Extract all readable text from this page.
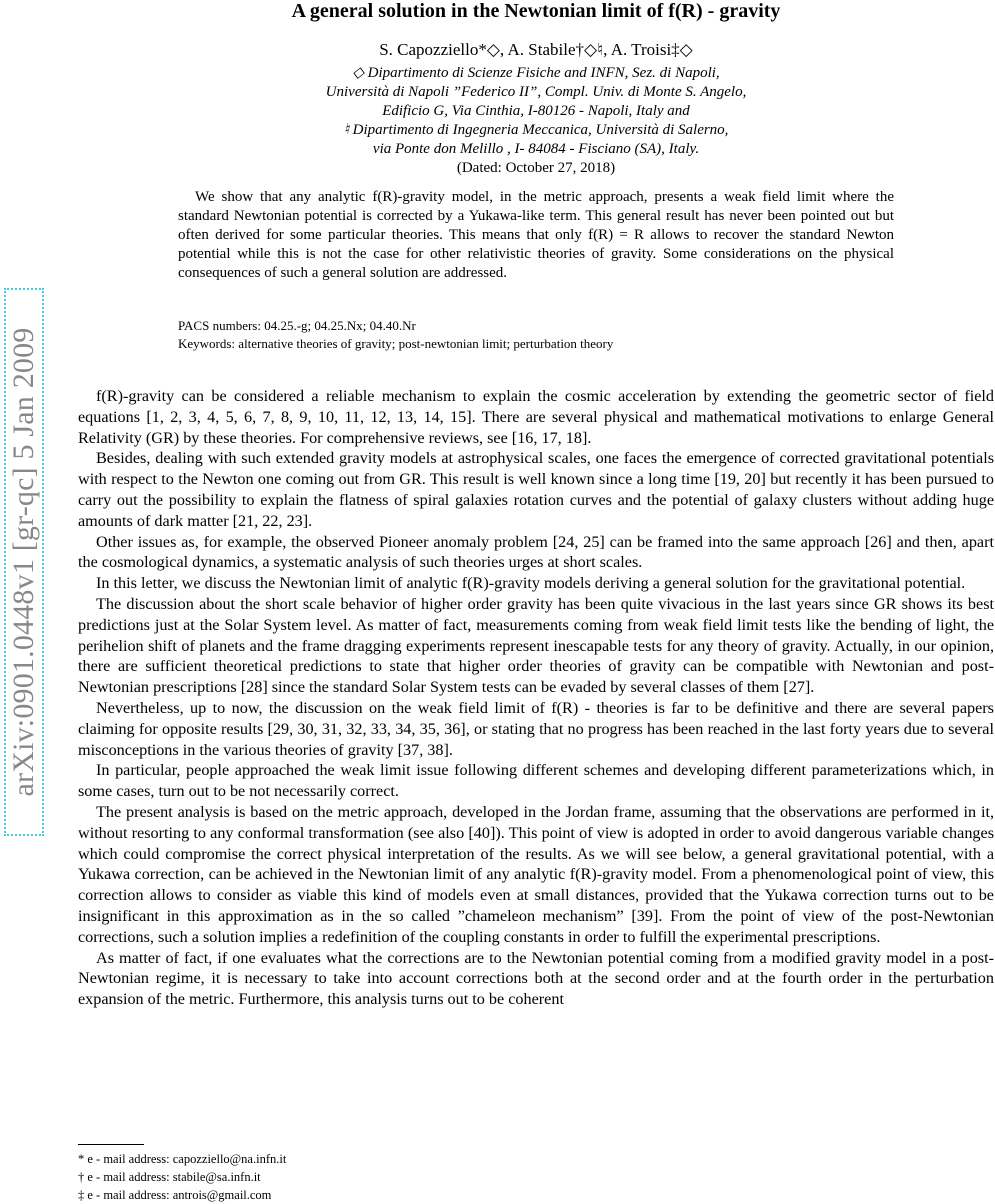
arXiv:0901.0448v1 [gr-qc] 5 Jan 2009
A general solution in the Newtonian limit of f(R) - gravity
S. Capozziello*◇, A. Stabile†◇♮, A. Troisi‡◇
◇ Dipartimento di Scienze Fisiche and INFN, Sez. di Napoli,
Università di Napoli ”Federico II”, Compl. Univ. di Monte S. Angelo,
Edificio G, Via Cinthia, I-80126 - Napoli, Italy and
♮ Dipartimento di Ingegneria Meccanica, Università di Salerno,
via Ponte don Melillo , I- 84084 - Fisciano (SA), Italy.
(Dated: October 27, 2018)
We show that any analytic f(R)-gravity model, in the metric approach, presents a weak field limit where the standard Newtonian potential is corrected by a Yukawa-like term. This general result has never been pointed out but often derived for some particular theories. This means that only f(R) = R allows to recover the standard Newton potential while this is not the case for other relativistic theories of gravity. Some considerations on the physical consequences of such a general solution are addressed.
PACS numbers: 04.25.-g; 04.25.Nx; 04.40.Nr
Keywords: alternative theories of gravity; post-newtonian limit; perturbation theory

f(R)-gravity can be considered a reliable mechanism to explain the cosmic acceleration by extending the geometric sector of field equations [1, 2, 3, 4, 5, 6, 7, 8, 9, 10, 11, 12, 13, 14, 15]. There are several physical and mathematical motivations to enlarge General Relativity (GR) by these theories. For comprehensive reviews, see [16, 17, 18].

Besides, dealing with such extended gravity models at astrophysical scales, one faces the emergence of corrected gravitational potentials with respect to the Newton one coming out from GR. This result is well known since a long time [19, 20] but recently it has been pursued to carry out the possibility to explain the flatness of spiral galaxies rotation curves and the potential of galaxy clusters without adding huge amounts of dark matter [21, 22, 23].

Other issues as, for example, the observed Pioneer anomaly problem [24, 25] can be framed into the same approach [26] and then, apart the cosmological dynamics, a systematic analysis of such theories urges at short scales.

In this letter, we discuss the Newtonian limit of analytic f(R)-gravity models deriving a general solution for the gravitational potential.

The discussion about the short scale behavior of higher order gravity has been quite vivacious in the last years since GR shows its best predictions just at the Solar System level. As matter of fact, measurements coming from weak field limit tests like the bending of light, the perihelion shift of planets and the frame dragging experiments represent inescapable tests for any theory of gravity. Actually, in our opinion, there are sufficient theoretical predictions to state that higher order theories of gravity can be compatible with Newtonian and post-Newtonian prescriptions [28] since the standard Solar System tests can be evaded by several classes of them [27].

Nevertheless, up to now, the discussion on the weak field limit of f(R) - theories is far to be definitive and there are several papers claiming for opposite results [29, 30, 31, 32, 33, 34, 35, 36], or stating that no progress has been reached in the last forty years due to several misconceptions in the various theories of gravity [37, 38].

In particular, people approached the weak limit issue following different schemes and developing different parameterizations which, in some cases, turn out to be not necessarily correct.

The present analysis is based on the metric approach, developed in the Jordan frame, assuming that the observations are performed in it, without resorting to any conformal transformation (see also [40]). This point of view is adopted in order to avoid dangerous variable changes which could compromise the correct physical interpretation of the results. As we will see below, a general gravitational potential, with a Yukawa correction, can be achieved in the Newtonian limit of any analytic f(R)-gravity model. From a phenomenological point of view, this correction allows to consider as viable this kind of models even at small distances, provided that the Yukawa correction turns out to be insignificant in this approximation as in the so called ”chameleon mechanism” [39]. From the point of view of the post-Newtonian corrections, such a solution implies a redefinition of the coupling constants in order to fulfill the experimental prescriptions.

As matter of fact, if one evaluates what the corrections are to the Newtonian potential coming from a modified gravity model in a post-Newtonian regime, it is necessary to take into account corrections both at the second order and at the fourth order in the perturbation expansion of the metric. Furthermore, this analysis turns out to be coherent

* e - mail address: capozziello@na.infn.it
† e - mail address: stabile@sa.infn.it
‡ e - mail address: antrois@gmail.com
